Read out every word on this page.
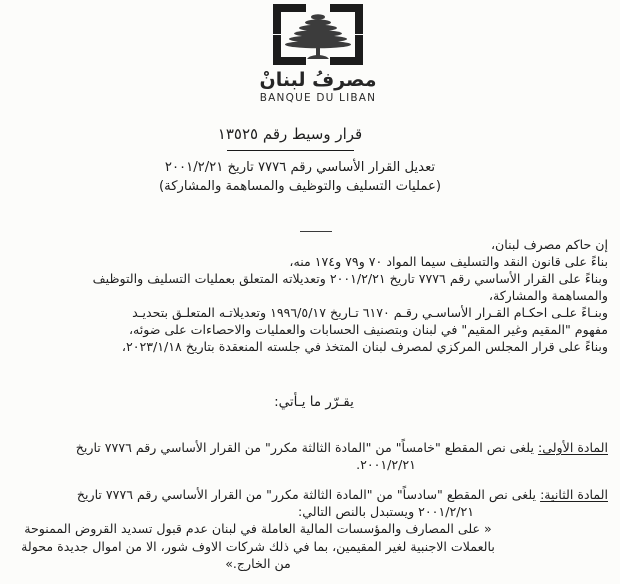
مصرفُ لبنانْ
BANQUE DU LIBAN
قرار وسيط رقم ١٣٥٢٥
تعديل القرار الأساسي رقم ٧٧٧٦ تاريخ ٢٠٠١/٢/٢١
(عمليات التسليف والتوظيف والمساهمة والمشاركة)
إن حاكم مصرف لبنان،
بناءً على قانون النقد والتسليف سيما المواد ٧٠ و٧٩ و١٧٤ منه،
وبناءً على القرار الأساسي رقم ٧٧٧٦ تاريخ ٢٠٠١/٢/٢١ وتعديلاته المتعلق بعمليات التسليف والتوظيف
والمساهمة والمشاركة،
وبنـاءً علـى احكـام القـرار الأساسـي رقـم ٦١٧٠ تـاريخ ١٩٩٦/٥/١٧ وتعديلاتـه المتعلـق بتحديـد
مفهوم "المقيم وغير المقيم" في لبنان وبتصنيف الحسابات والعمليات والاحصاءات على ضوئه،
وبناءً على قرار المجلس المركزي لمصرف لبنان المتخذ في جلسته المنعقدة بتاريخ ٢٠٢٣/١/١٨،
يقـرّر ما يـأتي:
المادة الأولى: يلغى نص المقطع "خامساً" من "المادة الثالثة مكرر" من القرار الأساسي رقم ٧٧٧٦ تاريخ
٢٠٠١/٢/٢١.
المادة الثانية: يلغى نص المقطع "سادساً" من "المادة الثالثة مكرر" من القرار الأساسي رقم ٧٧٧٦ تاريخ
٢٠٠١/٢/٢١ ويستبدل بالنص التالي:
« على المصارف والمؤسسات المالية العاملة في لبنان عدم قبول تسديد القروض الممنوحة
بالعملات الاجنبية لغير المقيمين، بما في ذلك شركات الاوف شور، الا من اموال جديدة محولة
من الخارج.»
